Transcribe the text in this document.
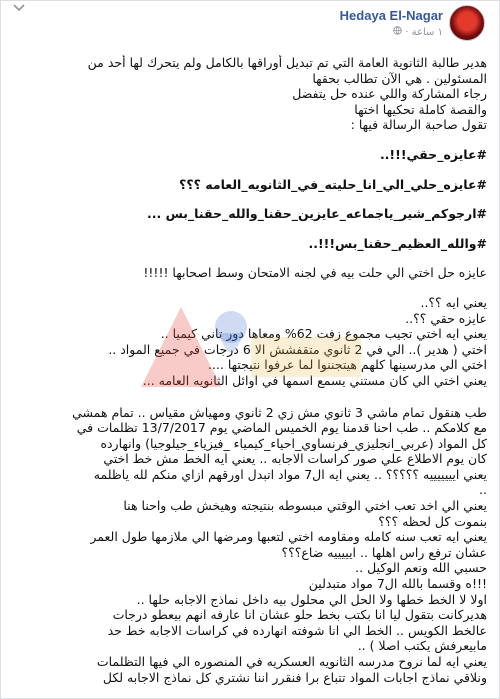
Hedaya El-Nagar
١ ساعة ·
هدير طالبة الثانوية العامة التي تم تبديل أوراقها بالكامل ولم يتحرك لها أحد من
المسئولين . هي الآن تطالب بحقها
رجاء المشاركة واللي عنده حل يتفضل
والقصة كاملة تحكيها اختها
تقول صاحبة الرسالة فيها :
#عايزه_حقي!!!..
#عايزه_حلي_الي_انا_حليته_في_الثانويه_العامه ؟؟؟
#ارجوكم_شير_ياجماعه_عايزين_حقنا_والله_حقنا_بس ...
#والله_العظيم_حقنا_بس!!!..
عايزه حل اختي الي حلت بيه في لجنه الامتحان وسط اصحابها !!!!!
يعني ايه ؟؟..
عايزه حقي ؟؟..
يعني ايه اختي تجيب مجموع زفت 62% ومعاها دور تاني كيميا ..
اختي ( هدير ).. الي في 2 ثانوي متقفشش الا 6 درجات في جميع المواد ..
اختي الي مدرسينها كلهم هيتجننوا لما عرفوا نتيجتها ....
يعني اختي الي كان مستني يسمع اسمها في اوائل الثانويه العامه ...
طب هنقول تمام ماشي 3 ثانوي مش زي 2 ثانوي ومهياش مقياس .. تمام همشي
مع كلامكم .. طب احنا قدمنا يوم الخميس الماضي يوم 13/7/2017 تظلمات في
كل المواد (عربي_انجليزي_فرنساوي_احياء_كيمياء _فيزياء_جيلوجيا) وانهارده
كان يوم الاطلاع علي صور كراسات الاجابه .. يعني ايه الخط مش خط اختي
يعني ايييييييه ؟؟؟؟؟ .. يعني ايه ال7 مواد اتبدل اورقهم ازاي منكم لله ياظلمه
..
يعني الي اخد تعب اختي الوقتي مبسوطه بنتيجته وهيخش طب واحنا هنا
بنموت كل لحظه ؟؟؟
يعني ايه تعب سنه كامله ومقاومه اختي لتعبها ومرضها الي ملازمها طول العمر
عشان ترفع راس اهلها .. ايييييه ضاع؟؟؟
حسبي الله ونعم الوكيل ..
!!!ه وقسما بالله ال7 مواد متبدلين
اولا لا الخط خطها ولا الحل الي محلول بيه داخل نماذج الاجابه حلها ..
هديركانت بتقول ليا انا بكتب بخط حلو عشان انا عارفه انهم بيعطو درجات
عالخط الكويس .. الخط الي انا شوفته انهارده في كراسات الاجابه خط حد
مابيعرفش يكتب اصلا ) ..
يعني ايه لما نروح مدرسه الثانويه العسكريه في المنصوره الي فيها التظلمات
ونلاقي نماذج اجابات المواد تتباع برا فنقرر اننا نشتري كل نماذج الاجابه لكل
